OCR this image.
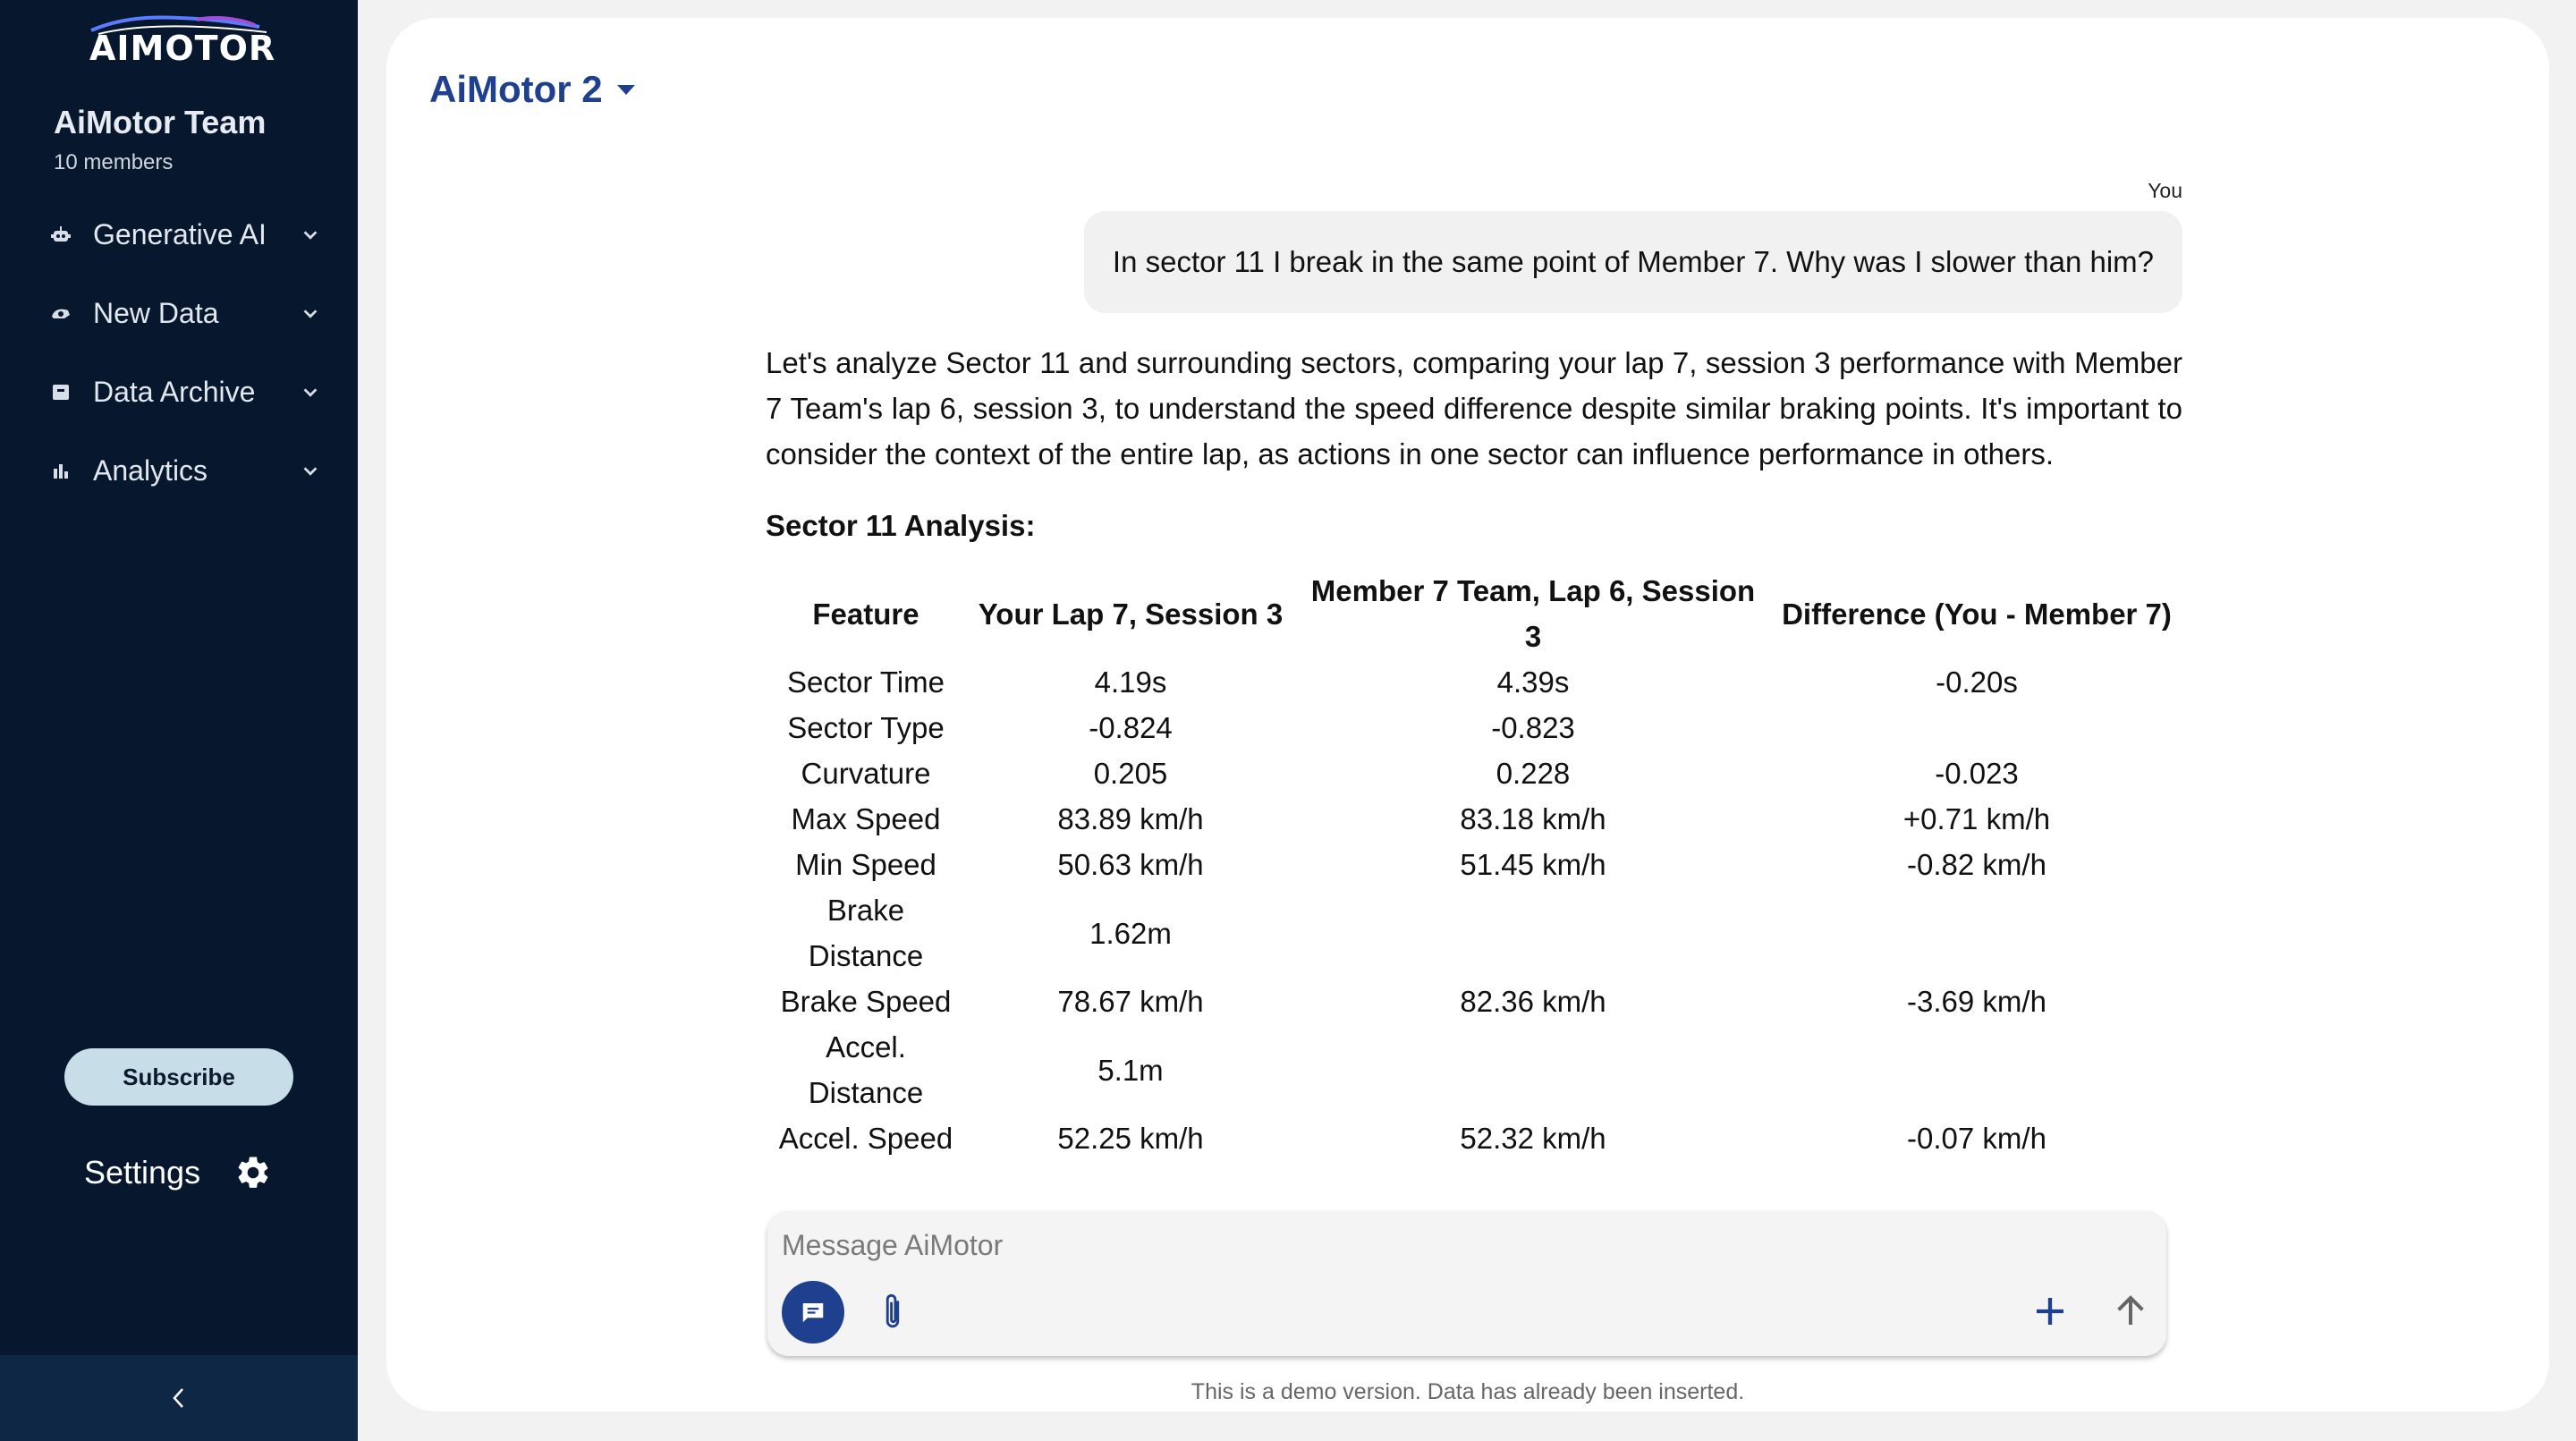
AIMOTOR
AiMotor Team
10 members
Generative AI
New Data
Data Archive
Analytics
Subscribe
Settings
AiMotor 2
You
In sector 11 I break in the same point of Member 7. Why was I slower than him?

Let's analyze Sector 11 and surrounding sectors, comparing your lap 7, session 3 performance with Member 7 Team's lap 6, session 3, to understand the speed difference despite similar braking points. It's important to consider the context of the entire lap, as actions in one sector can influence performance in others.

Sector 11 Analysis:
Feature	Your Lap 7, Session 3	Member 7 Team, Lap 6, Session 3	Difference (You - Member 7)
Sector Time	4.19s	4.39s	-0.20s
Sector Type	-0.824	-0.823	
Curvature	0.205	0.228	-0.023
Max Speed	83.89 km/h	83.18 km/h	+0.71 km/h
Min Speed	50.63 km/h	51.45 km/h	-0.82 km/h
Brake Distance	1.62m		
Brake Speed	78.67 km/h	82.36 km/h	-3.69 km/h
Accel. Distance	5.1m		
Accel. Speed	52.25 km/h	52.32 km/h	-0.07 km/h
Message AiMotor
This is a demo version. Data has already been inserted.
